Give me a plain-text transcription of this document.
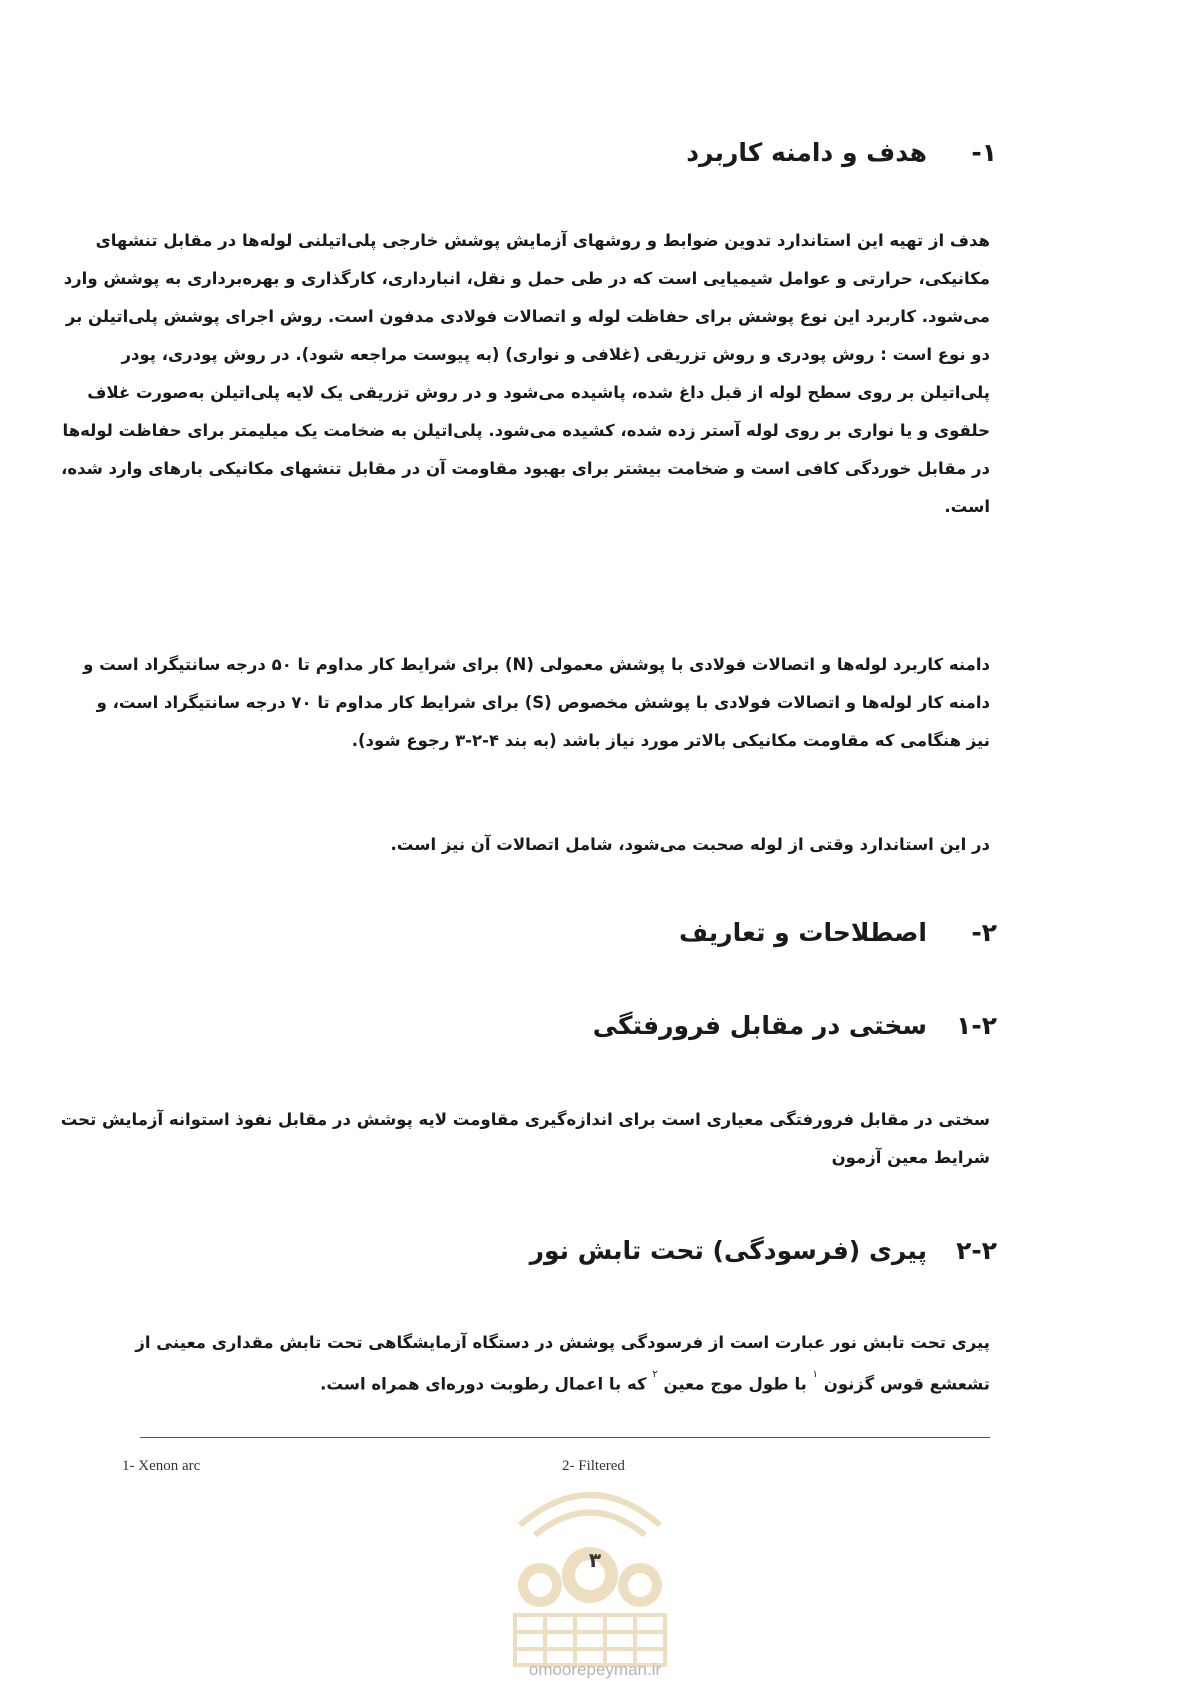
۱-
هدف و دامنه کاربرد
هدف از تهیه این استاندارد تدوین ضوابط و روشهای آزمایش پوشش خارجی پلی‌اتیلنی لوله‌ها در مقابل تنشهای
مکانیکی، حرارتی و عوامل شیمیایی است که در طی حمل و نقل، انبارداری، کارگذاری و بهره‌برداری به پوشش وارد
می‌شود. کاربرد این نوع پوشش برای حفاظت لوله و اتصالات فولادی مدفون است. روش اجرای پوشش پلی‌اتیلن بر
دو نوع است : روش پودری و روش تزریقی (غلافی و نواری) (به پیوست مراجعه شود). در روش پودری، پودر
پلی‌اتیلن بر روی سطح لوله از قبل داغ شده، پاشیده می‌شود و در روش تزریقی یک لایه پلی‌اتیلن به‌صورت غلاف
حلقوی و یا نواری بر روی لوله آستر زده شده، کشیده می‌شود. پلی‌اتیلن به ضخامت یک میلیمتر برای حفاظت لوله‌ها
در مقابل خوردگی کافی است و ضخامت بیشتر برای بهبود مقاومت آن در مقابل تنشهای مکانیکی بارهای وارد شده،
است.
دامنه کاربرد لوله‌ها و اتصالات فولادی با پوشش معمولی (N) برای شرایط کار مداوم تا ۵۰ درجه سانتیگراد است و
دامنه کار لوله‌ها و اتصالات فولادی با پوشش مخصوص (S) برای شرایط کار مداوم تا ۷۰ درجه سانتیگراد است، و
نیز هنگامی که مقاومت مکانیکی بالاتر مورد نیاز باشد (به بند ۴-۲-۳ رجوع شود).
در این استاندارد وقتی از لوله صحبت می‌شود، شامل اتصالات آن نیز است.
۲-
اصطلاحات و تعاریف
۱-۲
سختی در مقابل فرورفتگی
سختی در مقابل فرورفتگی معیاری است برای اندازه‌گیری مقاومت لایه پوشش در مقابل نفوذ استوانه آزمایش تحت
شرایط معین آزمون
۲-۲
پیری (فرسودگی) تحت تابش نور
پیری تحت تابش نور عبارت است از فرسودگی پوشش در دستگاه آزمایشگاهی تحت تابش مقداری معینی از
تشعشع قوس گزنون $^۱$ با طول موج معین $^۲$ که با اعمال رطوبت دوره‌ای همراه است.
1- Xenon arc	2- Filtered
۳
omoorepeyman.ir
